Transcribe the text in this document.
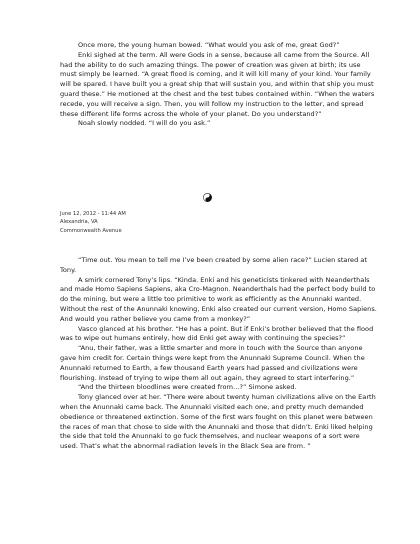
Once more, the young human bowed. “What would you ask of me, great God?”

Enki sighed at the term. All were Gods in a sense, because all came from the Source. All had the ability to do such amazing things. The power of creation was given at birth; its use must simply be learned. “A great flood is coming, and it will kill many of your kind. Your family will be spared. I have built you a great ship that will sustain you, and within that ship you must guard these.” He motioned at the chest and the test tubes contained within. “When the waters recede, you will receive a sign. Then, you will follow my instruction to the letter, and spread these different life forms across the whole of your planet. Do you understand?”

Noah slowly nodded. “I will do you ask.”

June 12, 2012 - 11:44 AM
Alexandria, VA
Commonwealth Avenue

“Time out. You mean to tell me I’ve been created by some alien race?” Lucien stared at Tony.

A smirk cornered Tony’s lips. “Kinda. Enki and his geneticists tinkered with Neanderthals and made Homo Sapiens Sapiens, aka Cro-Magnon. Neanderthals had the perfect body build to do the mining, but were a little too primitive to work as efficiently as the Anunnaki wanted. Without the rest of the Anunnaki knowing, Enki also created our current version, Homo Sapiens. And would you rather believe you came from a monkey?”

Vasco glanced at his brother. “He has a point. But if Enki’s brother believed that the flood was to wipe out humans entirely, how did Enki get away with continuing the species?”

“Anu, their father, was a little smarter and more in touch with the Source than anyone gave him credit for. Certain things were kept from the Anunnaki Supreme Council. When the Anunnaki returned to Earth, a few thousand Earth years had passed and civilizations were flourishing. Instead of trying to wipe them all out again, they agreed to start interfering.”

“And the thirteen bloodlines were created from…?” Simone asked.

Tony glanced over at her. “There were about twenty human civilizations alive on the Earth when the Anunnaki came back. The Anunnaki visited each one, and pretty much demanded obedience or threatened extinction. Some of the first wars fought on this planet were between the races of man that chose to side with the Anunnaki and those that didn’t. Enki liked helping the side that told the Anunnaki to go fuck themselves, and nuclear weapons of a sort were used. That’s what the abnormal radiation levels in the Black Sea are from. ”
